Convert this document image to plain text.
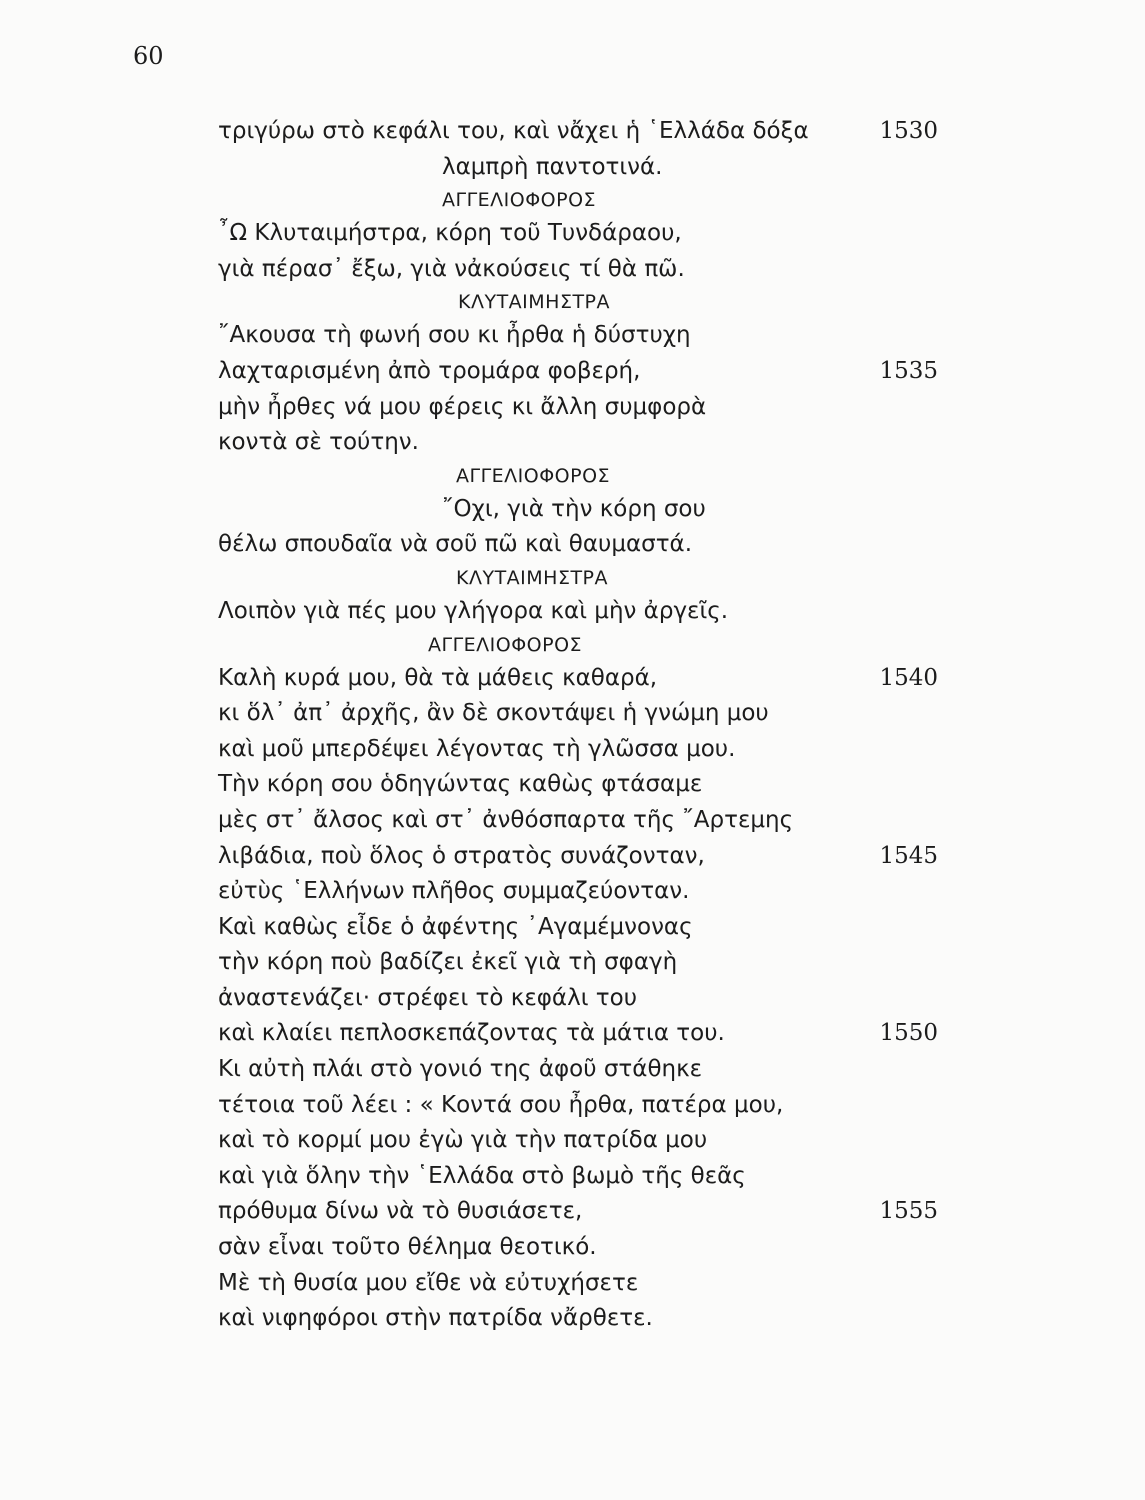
60
τριγύρω στὸ κεφάλι του, καὶ νἄχει ἡ ῾Ελλάδα δόξα	1530
λαμπρὴ παντοτινά.
ΑΓΓΕΛΙΟΦΟΡΟΣ
῏Ω Κλυταιμήστρα, κόρη τοῦ Τυνδάραου,
γιὰ πέρασ᾽ ἔξω, γιὰ νἀκούσεις τί θὰ πῶ.
ΚΛΥΤΑΙΜΗΣΤΡΑ
῎Ακουσα τὴ φωνή σου κι ἦρθα ἡ δύστυχη
λαχταρισμένη ἀπὸ τρομάρα φοβερή,	1535
μὴν ἦρθες νά μου φέρεις κι ἄλλη συμφορὰ
κοντὰ σὲ τούτην.
ΑΓΓΕΛΙΟΦΟΡΟΣ
῎Οχι, γιὰ τὴν κόρη σου
θέλω σπουδαῖα νὰ σοῦ πῶ καὶ θαυμαστά.
ΚΛΥΤΑΙΜΗΣΤΡΑ
Λοιπὸν γιὰ πές μου γλήγορα καὶ μὴν ἀργεῖς.
ΑΓΓΕΛΙΟΦΟΡΟΣ
Καλὴ κυρά μου, θὰ τὰ μάθεις καθαρά,	1540
κι ὅλ᾽ ἀπ᾽ ἀρχῆς, ἂν δὲ σκοντάψει ἡ γνώμη μου
καὶ μοῦ μπερδέψει λέγοντας τὴ γλῶσσα μου.
Τὴν κόρη σου ὁδηγώντας καθὼς φτάσαμε
μὲς στ᾽ ἄλσος καὶ στ᾽ ἀνθόσπαρτα τῆς ῎Αρτεμης
λιβάδια, ποὺ ὅλος ὁ στρατὸς συνάζονταν,	1545
εὐτὺς ῾Ελλήνων πλῆθος συμμαζεύονταν.
Καὶ καθὼς εἶδε ὁ ἀφέντης ᾽Αγαμέμνονας
τὴν κόρη ποὺ βαδίζει ἐκεῖ γιὰ τὴ σφαγὴ
ἀναστενάζει· στρέφει τὸ κεφάλι του
καὶ κλαίει πεπλοσκεπάζοντας τὰ μάτια του.	1550
Κι αὐτὴ πλάι στὸ γονιό της ἀφοῦ στάθηκε
τέτοια τοῦ λέει : « Κοντά σου ἦρθα, πατέρα μου,
καὶ τὸ κορμί μου ἐγὼ γιὰ τὴν πατρίδα μου
καὶ γιὰ ὅλην τὴν ῾Ελλάδα στὸ βωμὸ τῆς θεᾶς
πρόθυμα δίνω νὰ τὸ θυσιάσετε,	1555
σὰν εἶναι τοῦτο θέλημα θεοτικό.
Μὲ τὴ θυσία μου εἴθε νὰ εὐτυχήσετε
καὶ νιφηφόροι στὴν πατρίδα νἄρθετε.
